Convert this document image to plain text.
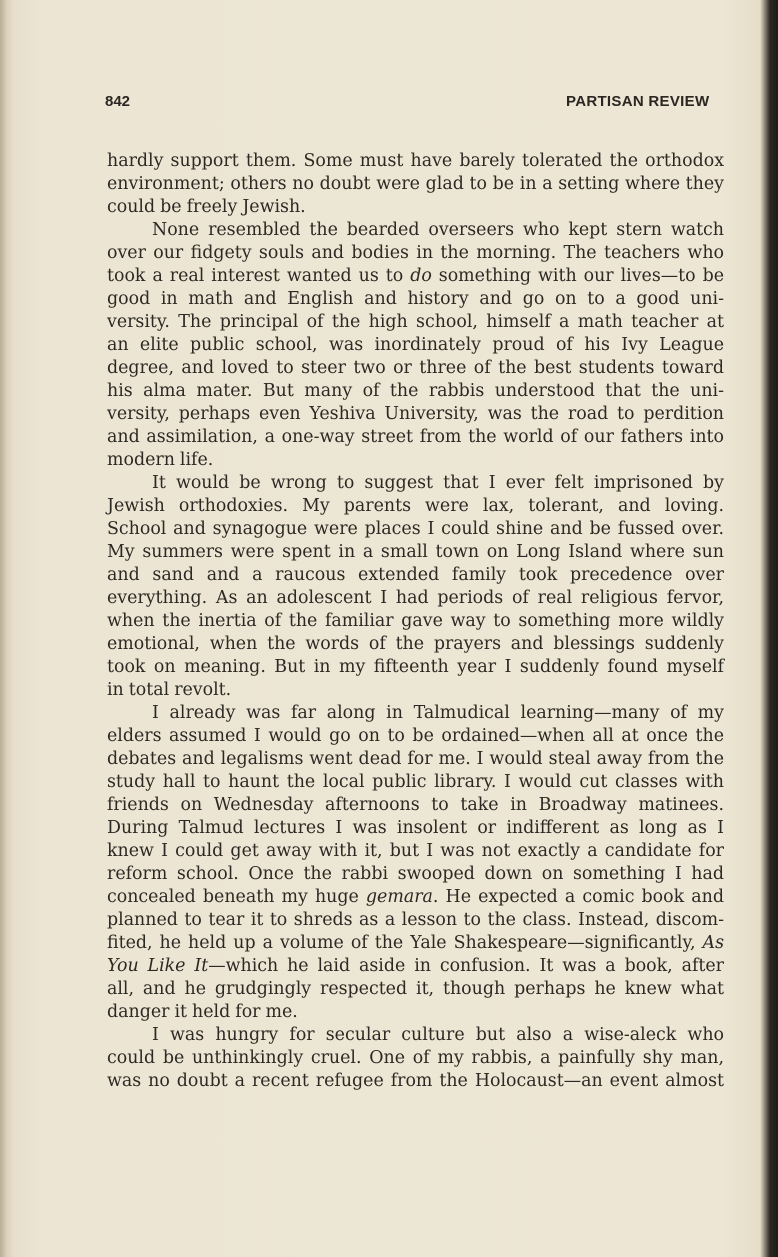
842	PARTISAN REVIEW
hardly support them. Some must have barely tolerated the orthodox
environment; others no doubt were glad to be in a setting where they
could be freely Jewish.
None resembled the bearded overseers who kept stern watch
over our fidgety souls and bodies in the morning. The teachers who
took a real interest wanted us to do something with our lives—to be
good in math and English and history and go on to a good uni-
versity. The principal of the high school, himself a math teacher at
an elite public school, was inordinately proud of his Ivy League
degree, and loved to steer two or three of the best students toward
his alma mater. But many of the rabbis understood that the uni-
versity, perhaps even Yeshiva University, was the road to perdition
and assimilation, a one-way street from the world of our fathers into
modern life.
It would be wrong to suggest that I ever felt imprisoned by
Jewish orthodoxies. My parents were lax, tolerant, and loving.
School and synagogue were places I could shine and be fussed over.
My summers were spent in a small town on Long Island where sun
and sand and a raucous extended family took precedence over
everything. As an adolescent I had periods of real religious fervor,
when the inertia of the familiar gave way to something more wildly
emotional, when the words of the prayers and blessings suddenly
took on meaning. But in my fifteenth year I suddenly found myself
in total revolt.
I already was far along in Talmudical learning—many of my
elders assumed I would go on to be ordained—when all at once the
debates and legalisms went dead for me. I would steal away from the
study hall to haunt the local public library. I would cut classes with
friends on Wednesday afternoons to take in Broadway matinees.
During Talmud lectures I was insolent or indifferent as long as I
knew I could get away with it, but I was not exactly a candidate for
reform school. Once the rabbi swooped down on something I had
concealed beneath my huge gemara. He expected a comic book and
planned to tear it to shreds as a lesson to the class. Instead, discom-
fited, he held up a volume of the Yale Shakespeare—significantly, As
You Like It—which he laid aside in confusion. It was a book, after
all, and he grudgingly respected it, though perhaps he knew what
danger it held for me.
I was hungry for secular culture but also a wise-aleck who
could be unthinkingly cruel. One of my rabbis, a painfully shy man,
was no doubt a recent refugee from the Holocaust—an event almost
